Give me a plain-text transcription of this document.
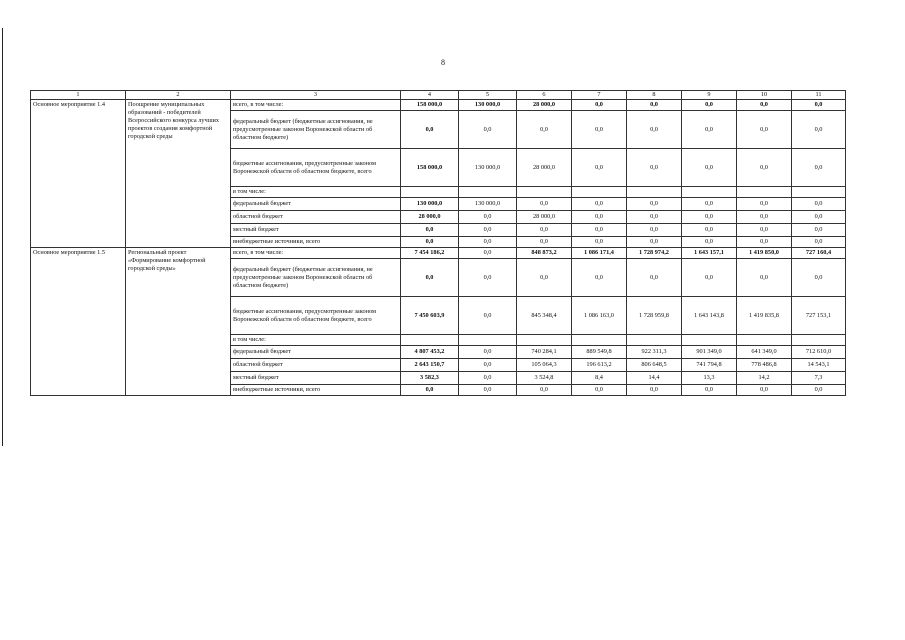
8
1	2	3	4	5	6	7	8	9	10	11
Основное мероприятие 1.4	Поощрение муниципальных образований - победителей Всероссийского конкурса лучших проектов создания комфортной городской среды	всего, в том числе:	158 000,0	130 000,0	28 000,0	0,0	0,0	0,0	0,0	0,0
		федеральный бюджет (бюджетные ассигнования, не предусмотренные законом Воронежской области об областном бюджете)	0,0	0,0	0,0	0,0	0,0	0,0	0,0	0,0
		бюджетные ассигнования, предусмотренные законом Воронежской области об областном бюджете, всего	158 000,0	130 000,0	28 000,0	0,0	0,0	0,0	0,0	0,0
		в том числе:								
		федеральный бюджет	130 000,0	130 000,0	0,0	0,0	0,0	0,0	0,0	0,0
		областной бюджет	28 000,0	0,0	28 000,0	0,0	0,0	0,0	0,0	0,0
		местный бюджет	0,0	0,0	0,0	0,0	0,0	0,0	0,0	0,0
		внебюджетные источники, всего	0,0	0,0	0,0	0,0	0,0	0,0	0,0	0,0
Основное мероприятие 1.5	Региональный проект «Формирование комфортной городской среды»	всего, в том числе:	7 454 186,2	0,0	848 873,2	1 086 171,4	1 728 974,2	1 643 157,1	1 419 850,0	727 160,4
		федеральный бюджет (бюджетные ассигнования, не предусмотренные законом Воронежской области об областном бюджете)	0,0	0,0	0,0	0,0	0,0	0,0	0,0	0,0
		бюджетные ассигнования, предусмотренные законом Воронежской области об областном бюджете, всего	7 450 603,9	0,0	845 348,4	1 086 163,0	1 728 959,8	1 643 143,8	1 419 835,8	727 153,1
		в том числе:								
		федеральный бюджет	4 807 453,2	0,0	740 284,1	889 549,8	922 311,3	901 349,0	641 349,0	712 610,0
		областной бюджет	2 643 150,7	0,0	105 064,3	196 613,2	806 648,5	741 794,8	778 486,8	14 543,1
		местный бюджет	3 582,3	0,0	3 524,8	8,4	14,4	13,3	14,2	7,3
		внебюджетные источники, всего	0,0	0,0	0,0	0,0	0,0	0,0	0,0	0,0
